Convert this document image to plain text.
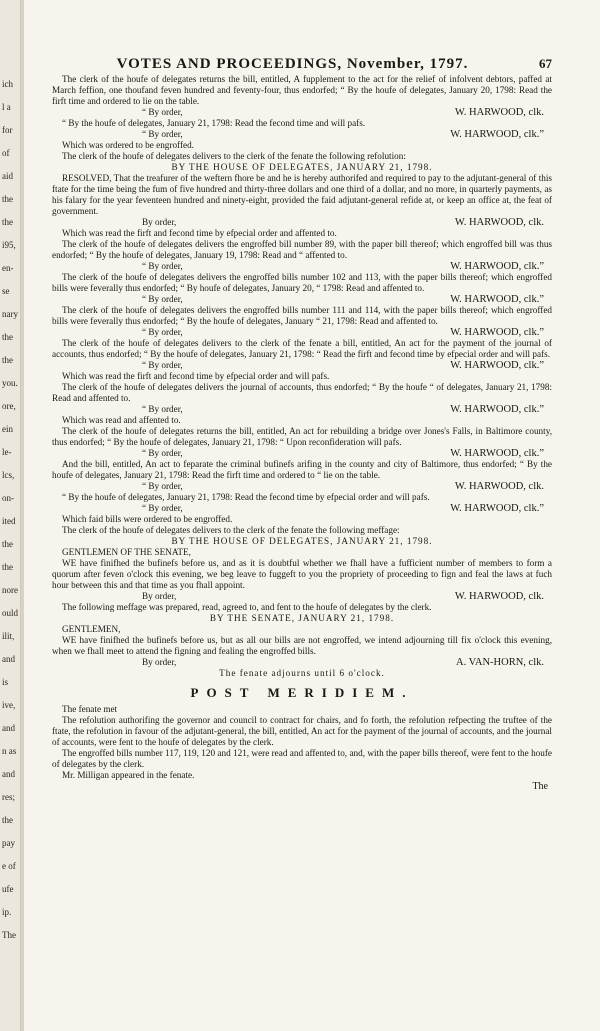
ich
l a
for
of
aid
the
the
i95,
en-
se
nary
the
the
you.
ore,
ein
le-
lcs,
on-
ited
the
the
nore
ould
ilit,
and
is
ive,
and
n as
and
res;
the
pay
e of
ufe
ip.
The
VOTES AND PROCEEDINGS, November, 1797.	67

The clerk of the houfe of delegates returns the bill, entitled, A fupplement to the act for the relief of infolvent debtors, paffed at March feffion, one thoufand feven hundred and feventy-four, thus endorfed; “ By the houfe of delegates, January 20, 1798: Read the firft time and ordered to lie on the table.

“ By order,	W. HARWOOD, clk.

“ By the houfe of delegates, January 21, 1798: Read the fecond time and will pafs.

“ By order,	W. HARWOOD, clk.”

Which was ordered to be engroffed.

The clerk of the houfe of delegates delivers to the clerk of the fenate the following refolution:

BY THE HOUSE OF DELEGATES, JANUARY 21, 1798.

RESOLVED, That the treafurer of the weftern fhore be and he is hereby authorifed and required to pay to the adjutant-general of this ftate for the time being the fum of five hundred and thirty-three dollars and one third of a dollar, and no more, in quarterly payments, as his falary for the year feventeen hundred and ninety-eight, provided the faid adjutant-general refide at, or keep an office at, the feat of government.

By order,	W. HARWOOD, clk.

Which was read the firft and fecond time by efpecial order and affented to.

The clerk of the houfe of delegates delivers the engroffed bill number 89, with the paper bill thereof; which engroffed bill was thus endorfed; “ By the houfe of delegates, January 19, 1798: Read and “ affented to.

“ By order,	W. HARWOOD, clk.”

The clerk of the houfe of delegates delivers the engroffed bills number 102 and 113, with the paper bills thereof; which engroffed bills were feverally thus endorfed; “ By houfe of delegates, January 20, “ 1798: Read and affented to.

“ By order,	W. HARWOOD, clk.”

The clerk of the houfe of delegates delivers the engroffed bills number 111 and 114, with the paper bills thereof; which engroffed bills were feverally thus endorfed; “ By the houfe of delegates, January “ 21, 1798: Read and affented to.

“ By order,	W. HARWOOD, clk.”

The clerk of the houfe of delegates delivers to the clerk of the fenate a bill, entitled, An act for the payment of the journal of accounts, thus endorfed; “ By the houfe of delegates, January 21, 1798: “ Read the firft and fecond time by efpecial order and will pafs.

“ By order,	W. HARWOOD, clk.”

Which was read the firft and fecond time by efpecial order and will pafs.

The clerk of the houfe of delegates delivers the journal of accounts, thus endorfed; “ By the houfe “ of delegates, January 21, 1798: Read and affented to.

“ By order,	W. HARWOOD, clk.”

Which was read and affented to.

The clerk of the houfe of delegates returns the bill, entitled, An act for rebuilding a bridge over Jones's Falls, in Baltimore county, thus endorfed; “ By the houfe of delegates, January 21, 1798: “ Upon reconfideration will pafs.

“ By order,	W. HARWOOD, clk.”

And the bill, entitled, An act to feparate the criminal bufinefs arifing in the county and city of Baltimore, thus endorfed; “ By the houfe of delegates, January 21, 1798: Read the firft time and ordered to “ lie on the table.

“ By order,	W. HARWOOD, clk.

“ By the houfe of delegates, January 21, 1798: Read the fecond time by efpecial order and will pafs.

“ By order,	W. HARWOOD, clk.”

Which faid bills were ordered to be engroffed.

The clerk of the houfe of delegates delivers to the clerk of the fenate the following meffage:

BY THE HOUSE OF DELEGATES, JANUARY 21, 1798.

GENTLEMEN OF THE SENATE,

WE have finifhed the bufinefs before us, and as it is doubtful whether we fhall have a fufficient number of members to form a quorum after feven o'clock this evening, we beg leave to fuggeft to you the propriety of proceeding to fign and feal the laws at fuch hour between this and that time as you fhall appoint.

By order,	W. HARWOOD, clk.

The following meffage was prepared, read, agreed to, and fent to the houfe of delegates by the clerk.

BY THE SENATE, JANUARY 21, 1798.

GENTLEMEN,

WE have finifhed the bufinefs before us, but as all our bills are not engroffed, we intend adjourning till fix o'clock this evening, when we fhall meet to attend the figning and fealing the engroffed bills.

By order,	A. VAN-HORN, clk.

The fenate adjourns until 6 o'clock.

POST MERIDIEM.

The fenate met

The refolution authorifing the governor and council to contract for chairs, and fo forth, the refolution refpecting the truftee of the ftate, the refolution in favour of the adjutant-general, the bill, entitled, An act for the payment of the journal of accounts, and the journal of accounts, were fent to the houfe of delegates by the clerk.

The engroffed bills number 117, 119, 120 and 121, were read and affented to, and, with the paper bills thereof, were fent to the houfe of delegates by the clerk.

Mr. Milligan appeared in the fenate.

The
